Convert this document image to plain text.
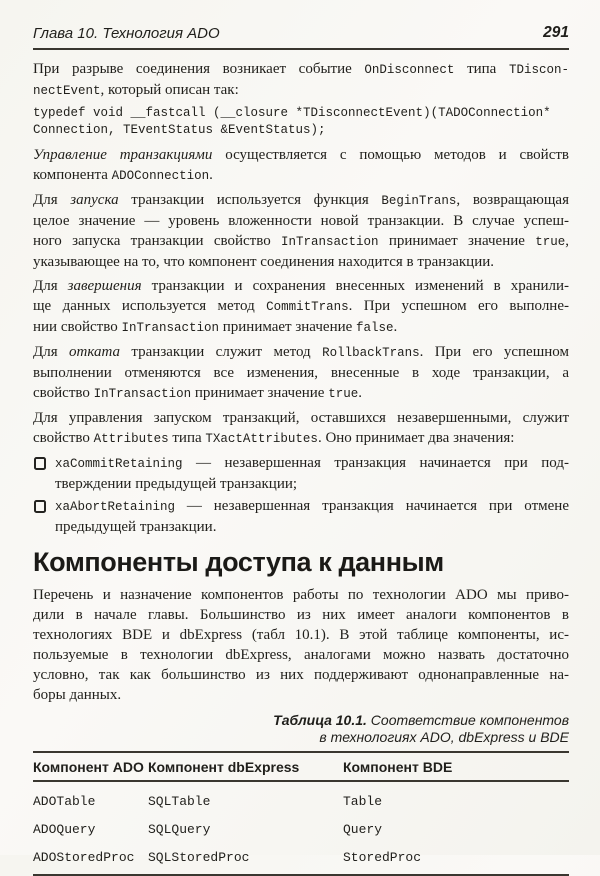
Глава 10. Технология ADO	291
При разрыве соединения возникает событие OnDisconnect типа TDiscon-
nectEvent, который описан так:
typedef void __fastcall (__closure *TDisconnectEvent)(TADOConnection*
Connection, TEventStatus &EventStatus);
Управление транзакциями осуществляется с помощью методов и свойств
компонента ADOConnection.
Для запуска транзакции используется функция BeginTrans, возвращающая
целое значение — уровень вложенности новой транзакции. В случае успеш-
ного запуска транзакции свойство InTransaction принимает значение true,
указывающее на то, что компонент соединения находится в транзакции.
Для завершения транзакции и сохранения внесенных изменений в хранили-
ще данных используется метод CommitTrans. При успешном его выполне-
нии свойство InTransaction принимает значение false.
Для отката транзакции служит метод RollbackTrans. При его успешном
выполнении отменяются все изменения, внесенные в ходе транзакции, а
свойство InTransaction принимает значение true.
Для управления запуском транзакций, оставшихся незавершенными, служит
свойство Attributes типа TXactAttributes. Оно принимает два значения:
xaCommitRetaining — незавершенная транзакция начинается при под-
тверждении предыдущей транзакции;
xaAbortRetaining — незавершенная транзакция начинается при отмене
предыдущей транзакции.
Компоненты доступа к данным
Перечень и назначение компонентов работы по технологии ADO мы приво-
дили в начале главы. Большинство из них имеет аналоги компонентов в
технологиях BDE и dbExpress (табл 10.1). В этой таблице компоненты, ис-
пользуемые в технологии dbExpress, аналогами можно назвать достаточно
условно, так как большинство из них поддерживают однонаправленные на-
боры данных.
Таблица 10.1. Соответствие компонентов
в технологиях ADO, dbExpress и BDE
Компонент ADO	Компонент dbExpress	Компонент BDE
ADOTable	SQLTable	Table
ADOQuery	SQLQuery	Query
ADOStoredProc	SQLStoredProc	StoredProc
